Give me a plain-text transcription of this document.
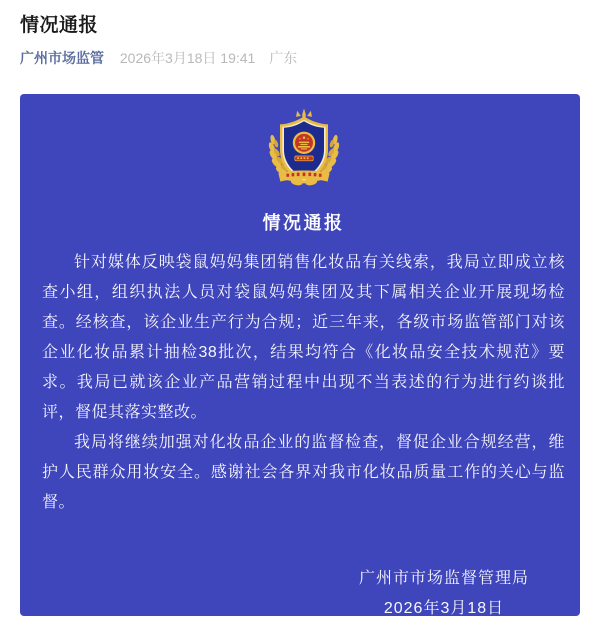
情况通报
广州市场监管 2026年3月18日 19:41 广东
情况通报

针对媒体反映袋鼠妈妈集团销售化妆品有关线索，我局立即成立核查小组，组织执法人员对袋鼠妈妈集团及其下属相关企业开展现场检查。经核查，该企业生产行为合规；近三年来，各级市场监管部门对该企业化妆品累计抽检38批次，结果均符合《化妆品安全技术规范》要求。我局已就该企业产品营销过程中出现不当表述的行为进行约谈批评，督促其落实整改。

我局将继续加强对化妆品企业的监督检查，督促企业合规经营，维护人民群众用妆安全。感谢社会各界对我市化妆品质量工作的关心与监督。

广州市市场监督管理局
2026年3月18日
